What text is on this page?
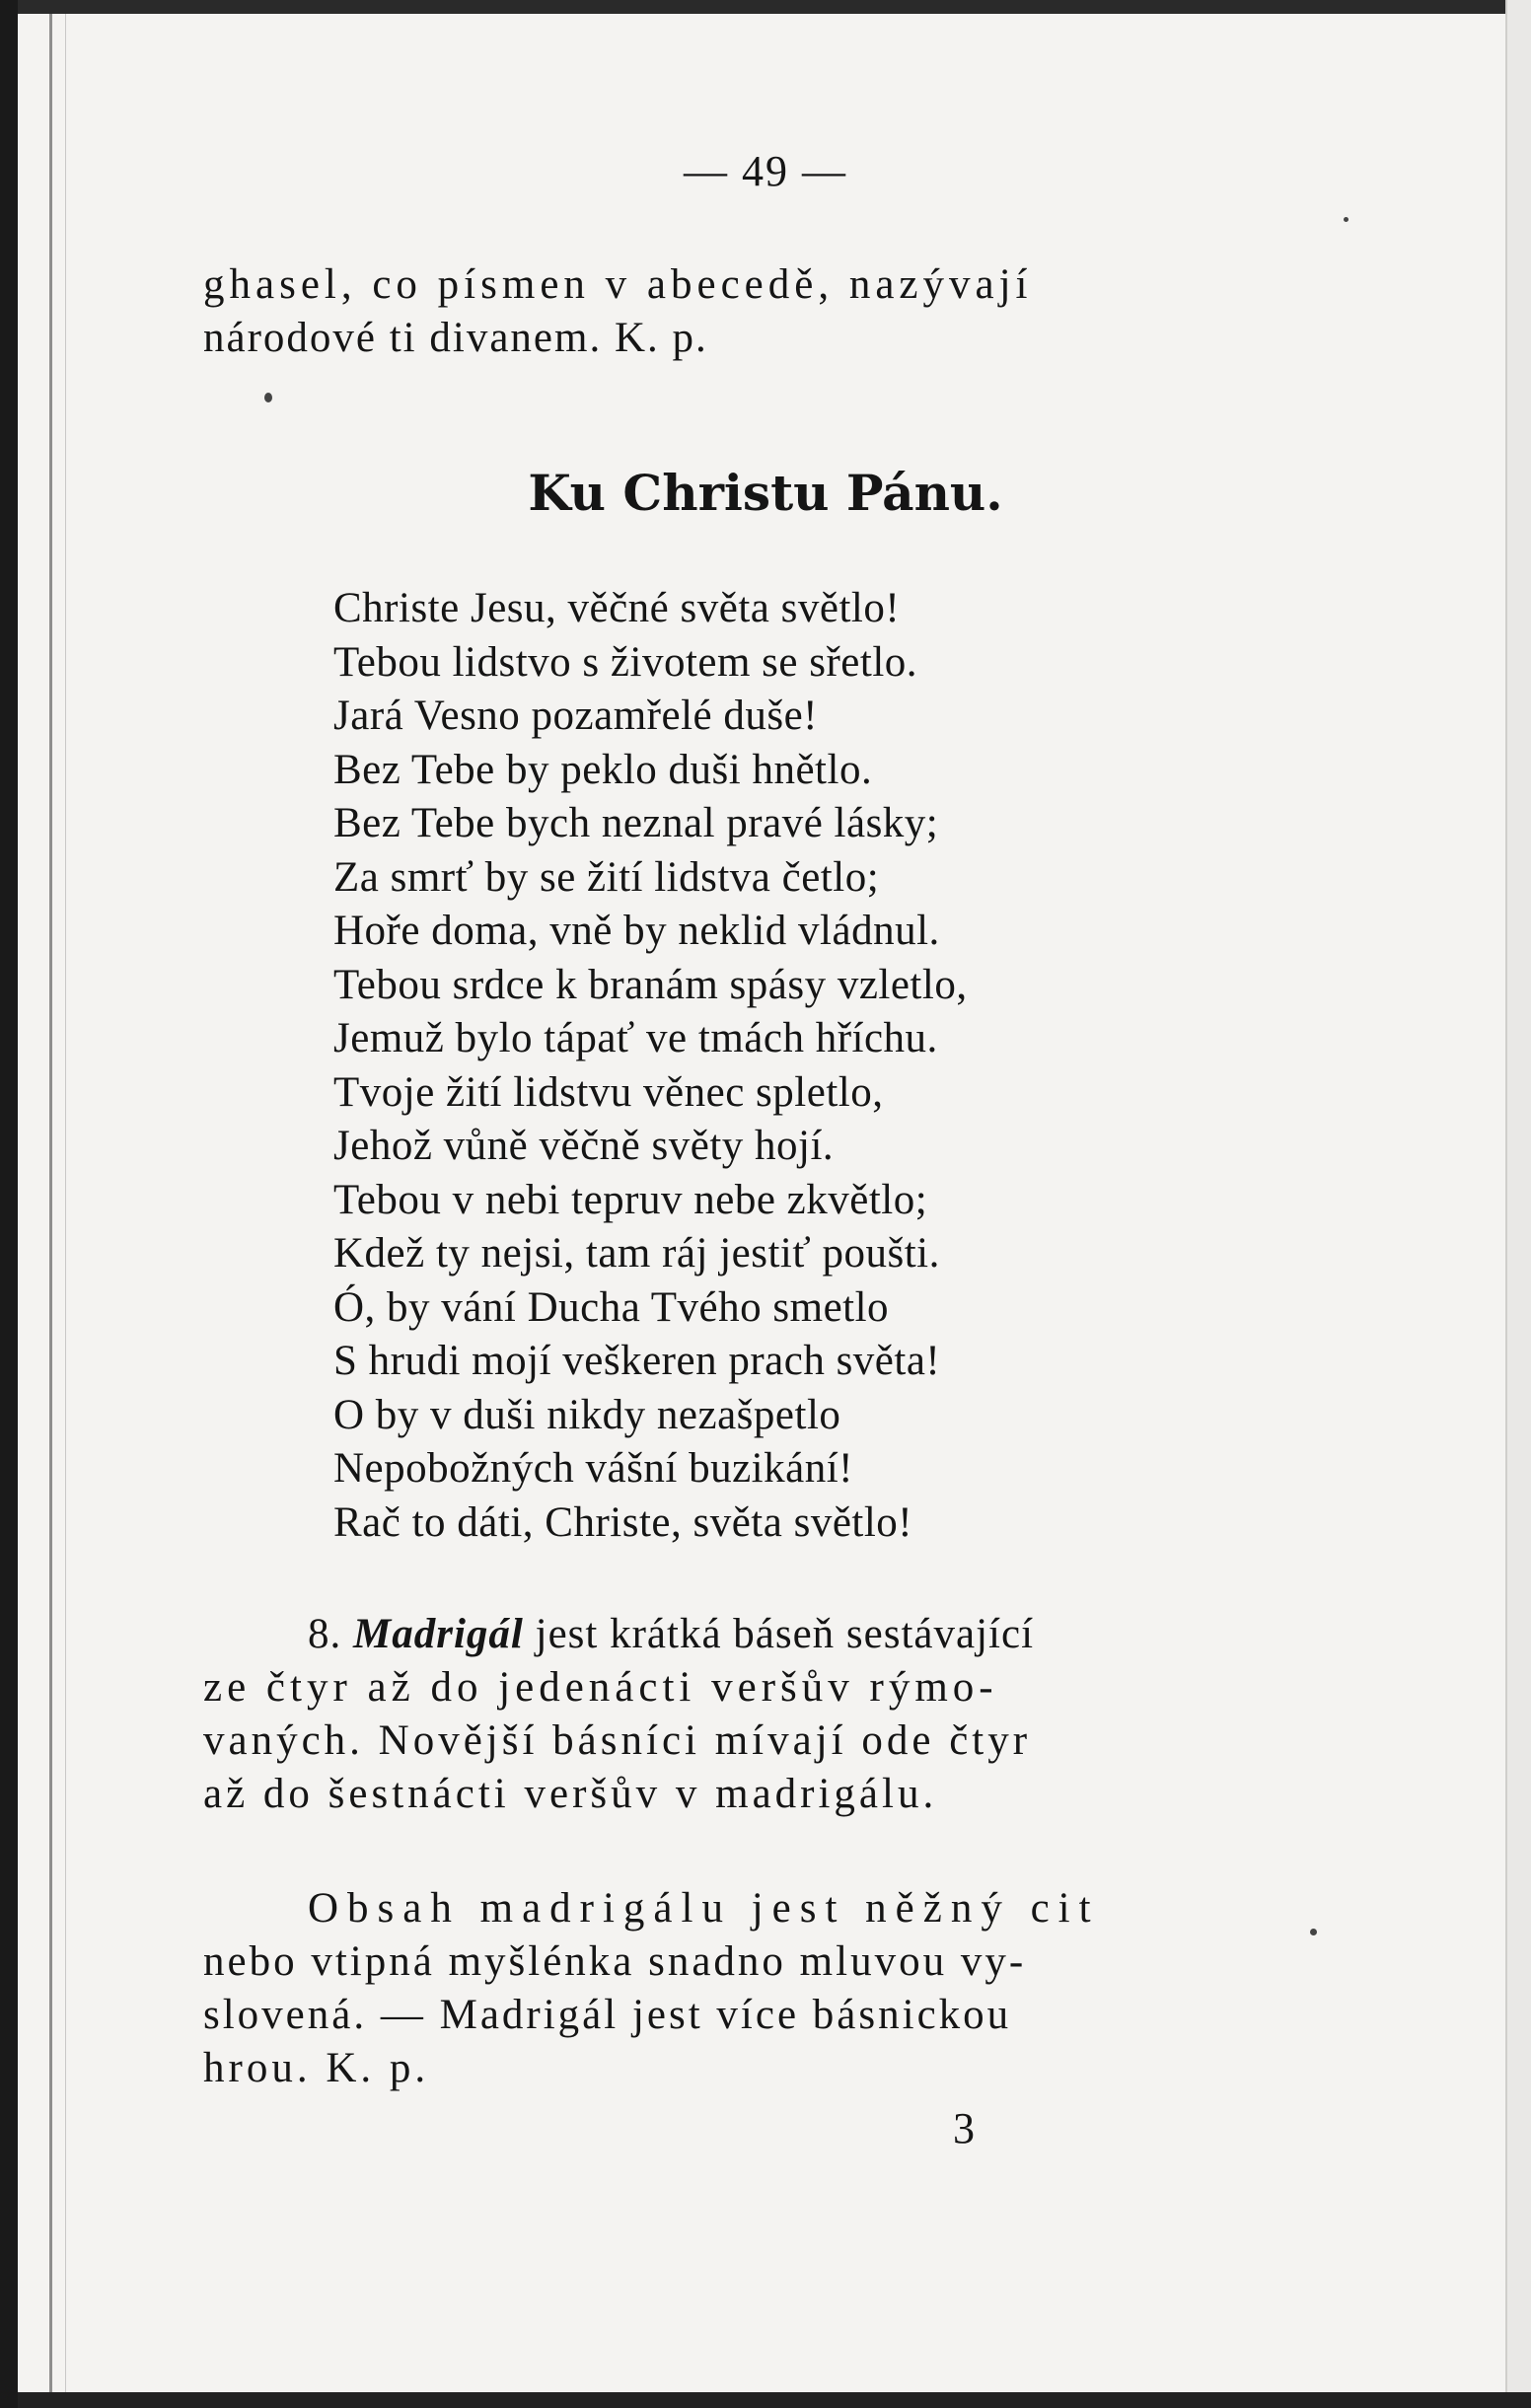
— 49 —
ghasel, co písmen v abecedě, nazývají
národové ti divanem. K. p.
Ku Christu Pánu.
Christe Jesu, věčné světa světlo!
Tebou lidstvo s životem se sřetlo.
Jará Vesno pozamřelé duše!
Bez Tebe by peklo duši hnětlo.
Bez Tebe bych neznal pravé lásky;
Za smrť by se žití lidstva četlo;
Hoře doma, vně by neklid vládnul.
Tebou srdce k branám spásy vzletlo,
Jemuž bylo tápať ve tmách hříchu.
Tvoje žití lidstvu věnec spletlo,
Jehož vůně věčně světy hojí.
Tebou v nebi tepruv nebe zkvětlo;
Kdež ty nejsi, tam ráj jestiť poušti.
Ó, by vání Ducha Tvého smetlo
S hrudi mojí veškeren prach světa!
O by v duši nikdy nezašpetlo
Nepobožných vášní buzikání!
Rač to dáti, Christe, světa světlo!
8. Madrigál jest krátká báseň sestávající
ze čtyr až do jedenácti veršův rýmo-
vaných. Novější básníci mívají ode čtyr
až do šestnácti veršův v madrigálu.
Obsah madrigálu jest něžný cit
nebo vtipná myšlénka snadno mluvou vy-
slovená. — Madrigál jest více básnickou
hrou. K. p.
3
